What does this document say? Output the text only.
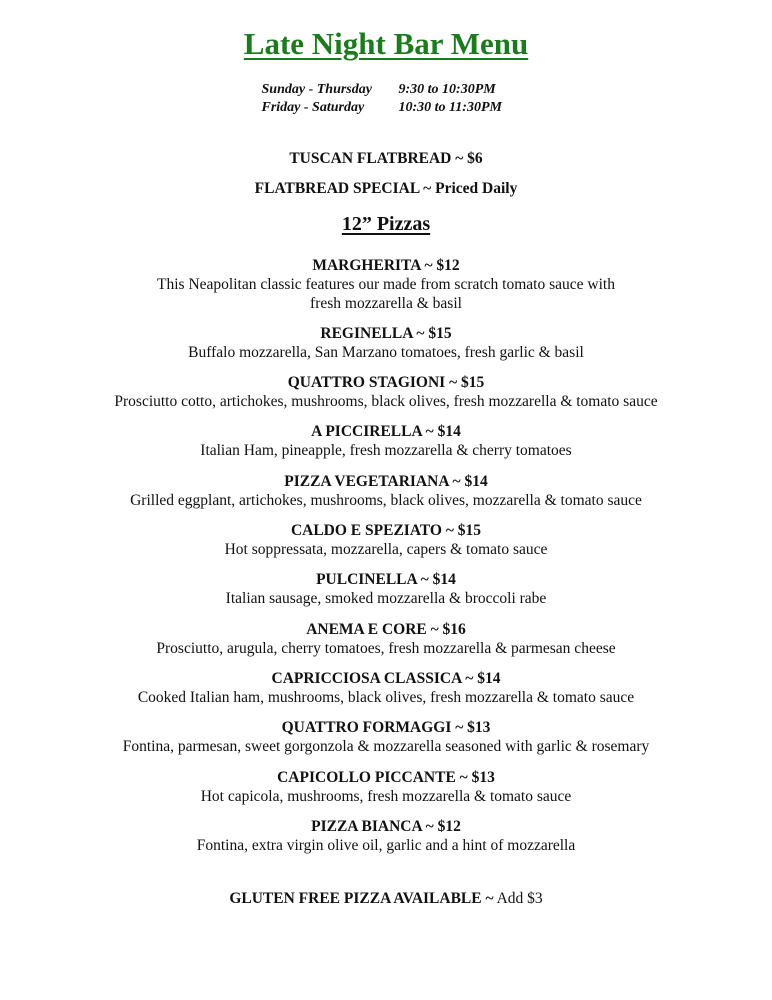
Late Night Bar Menu
Sunday - Thursday	9:30 to 10:30PM
Friday - Saturday	10:30 to 11:30PM
TUSCAN FLATBREAD ~ $6
FLATBREAD SPECIAL ~ Priced Daily
12” Pizzas
MARGHERITA ~ $12
This Neapolitan classic features our made from scratch tomato sauce with
fresh mozzarella & basil
REGINELLA ~ $15
Buffalo mozzarella, San Marzano tomatoes, fresh garlic & basil
QUATTRO STAGIONI ~ $15
Prosciutto cotto, artichokes, mushrooms, black olives, fresh mozzarella & tomato sauce
A PICCIRELLA ~ $14
Italian Ham, pineapple, fresh mozzarella & cherry tomatoes
PIZZA VEGETARIANA ~ $14
Grilled eggplant, artichokes, mushrooms, black olives, mozzarella & tomato sauce
CALDO E SPEZIATO ~ $15
Hot soppressata, mozzarella, capers & tomato sauce
PULCINELLA ~ $14
Italian sausage, smoked mozzarella & broccoli rabe
ANEMA E CORE ~ $16
Prosciutto, arugula, cherry tomatoes, fresh mozzarella & parmesan cheese
CAPRICCIOSA CLASSICA ~ $14
Cooked Italian ham, mushrooms, black olives, fresh mozzarella & tomato sauce
QUATTRO FORMAGGI ~ $13
Fontina, parmesan, sweet gorgonzola & mozzarella seasoned with garlic & rosemary
CAPICOLLO PICCANTE ~ $13
Hot capicola, mushrooms, fresh mozzarella & tomato sauce
PIZZA BIANCA ~ $12
Fontina, extra virgin olive oil, garlic and a hint of mozzarella
GLUTEN FREE PIZZA AVAILABLE ~ Add $3
